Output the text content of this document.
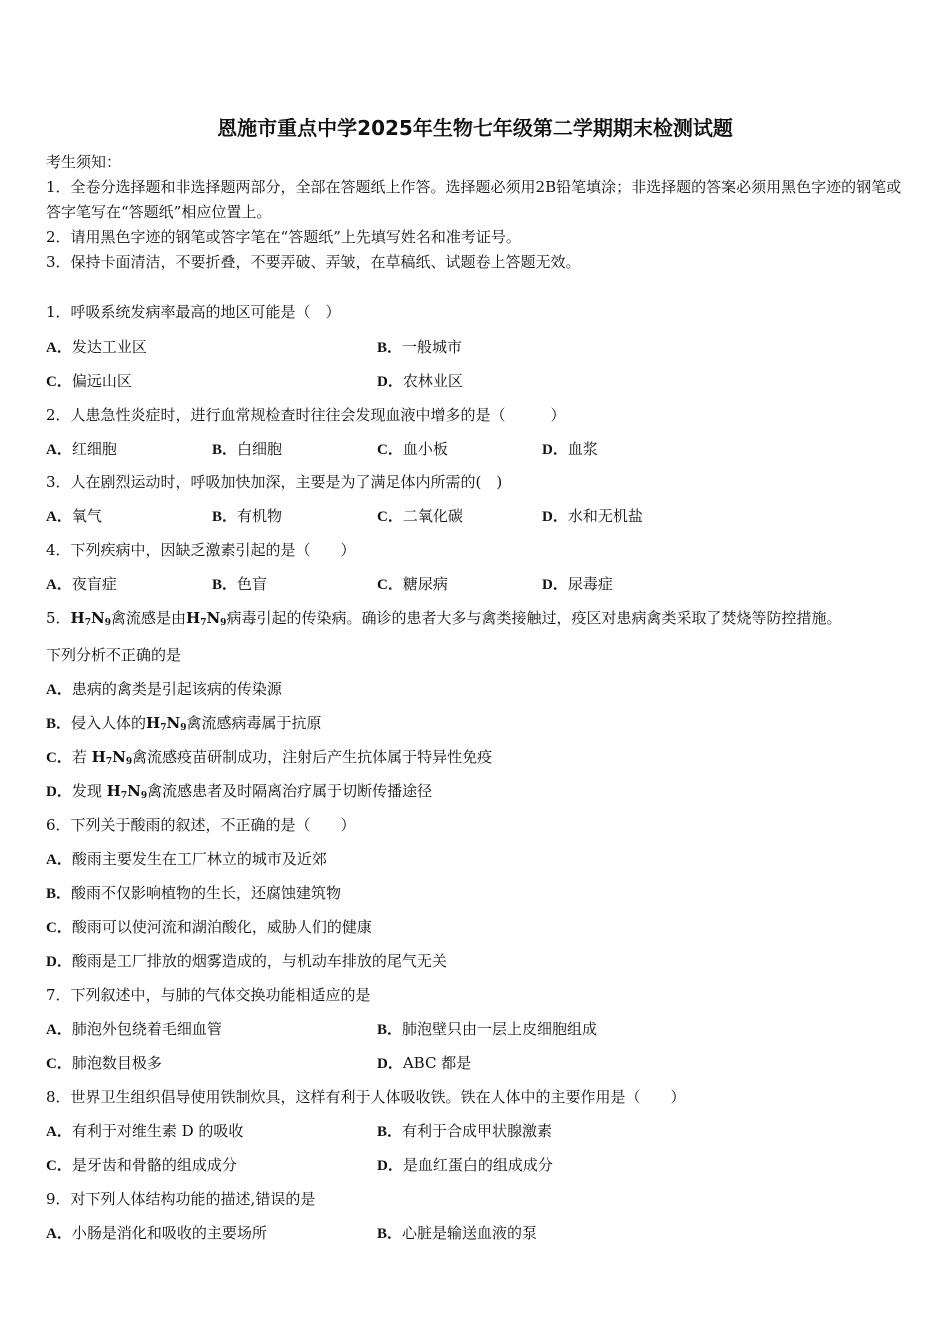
恩施市重点中学2025年生物七年级第二学期期末检测试题
考生须知：
1．全卷分选择题和非选择题两部分，全部在答题纸上作答。选择题必须用2B铅笔填涂；非选择题的答案必须用黑色字迹的钢笔或答字笔写在“答题纸”相应位置上。
2．请用黑色字迹的钢笔或答字笔在“答题纸”上先填写姓名和准考证号。
3．保持卡面清洁，不要折叠，不要弄破、弄皱，在草稿纸、试题卷上答题无效。
1．呼吸系统发病率最高的地区可能是（　）
A．发达工业区	B．一般城市
C．偏远山区	D．农林业区
2．人患急性炎症时，进行血常规检查时往往会发现血液中增多的是（　　　）
A．红细胞	B．白细胞	C．血小板	D．血浆
3．人在剧烈运动时，呼吸加快加深，主要是为了满足体内所需的(　)
A．氧气	B．有机物	C．二氧化碳	D．水和无机盐
4．下列疾病中，因缺乏激素引起的是（　　）
A．夜盲症	B．色盲	C．糖尿病	D．尿毒症
5．$H_7N_9$禽流感是由$H_7N_9$病毒引起的传染病。确诊的患者大多与禽类接触过，疫区对患病禽类采取了焚烧等防控措施。
下列分析不正确的是
A．患病的禽类是引起该病的传染源
B．侵入人体的$H_7N_9$禽流感病毒属于抗原
C．若 $H_7N_9$禽流感疫苗研制成功，注射后产生抗体属于特异性免疫
D．发现 $H_7N_9$禽流感患者及时隔离治疗属于切断传播途径
6．下列关于酸雨的叙述，不正确的是（　　）
A．酸雨主要发生在工厂林立的城市及近郊
B．酸雨不仅影响植物的生长，还腐蚀建筑物
C．酸雨可以使河流和湖泊酸化，威胁人们的健康
D．酸雨是工厂排放的烟雾造成的，与机动车排放的尾气无关
7．下列叙述中，与肺的气体交换功能相适应的是
A．肺泡外包绕着毛细血管	B．肺泡壁只由一层上皮细胞组成
C．肺泡数目极多	D．ABC 都是
8．世界卫生组织倡导使用铁制炊具，这样有利于人体吸收铁。铁在人体中的主要作用是（　　）
A．有利于对维生素 D 的吸收	B．有利于合成甲状腺激素
C．是牙齿和骨骼的组成成分	D．是血红蛋白的组成成分
9．对下列人体结构功能的描述,错误的是
A．小肠是消化和吸收的主要场所	B．心脏是输送血液的泵
